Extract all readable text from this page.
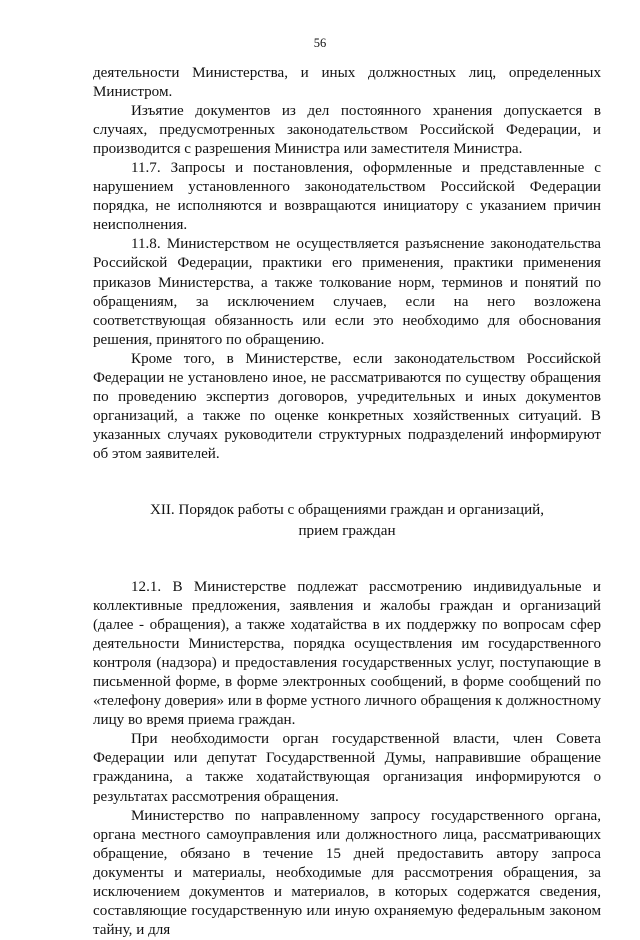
56

деятельности Министерства, и иных должностных лиц, определенных Министром.

Изъятие документов из дел постоянного хранения допускается в случаях, предусмотренных законодательством Российской Федерации, и производится с разрешения Министра или заместителя Министра.

11.7. Запросы и постановления, оформленные и представленные с нарушением установленного законодательством Российской Федерации порядка, не исполняются и возвращаются инициатору с указанием причин неисполнения.

11.8. Министерством не осуществляется разъяснение законодательства Российской Федерации, практики его применения, практики применения приказов Министерства, а также толкование норм, терминов и понятий по обращениям, за исключением случаев, если на него возложена соответствующая обязанность или если это необходимо для обоснования решения, принятого по обращению.

Кроме того, в Министерстве, если законодательством Российской Федерации не установлено иное, не рассматриваются по существу обращения по проведению экспертиз договоров, учредительных и иных документов организаций, а также по оценке конкретных хозяйственных ситуаций. В указанных случаях руководители структурных подразделений информируют об этом заявителей.

XII. Порядок работы с обращениями граждан и организаций,
прием граждан

12.1. В Министерстве подлежат рассмотрению индивидуальные и коллективные предложения, заявления и жалобы граждан и организаций (далее - обращения), а также ходатайства в их поддержку по вопросам сфер деятельности Министерства, порядка осуществления им государственного контроля (надзора) и предоставления государственных услуг, поступающие в письменной форме, в форме электронных сообщений, в форме сообщений по «телефону доверия» или в форме устного личного обращения к должностному лицу во время приема граждан.

При необходимости орган государственной власти, член Совета Федерации или депутат Государственной Думы, направившие обращение гражданина, а также ходатайствующая организация информируются о результатах рассмотрения обращения.

Министерство по направленному запросу государственного органа, органа местного самоуправления или должностного лица, рассматривающих обращение, обязано в течение 15 дней предоставить автору запроса документы и материалы, необходимые для рассмотрения обращения, за исключением документов и материалов, в которых содержатся сведения, составляющие государственную или иную охраняемую федеральным законом тайну, и для
